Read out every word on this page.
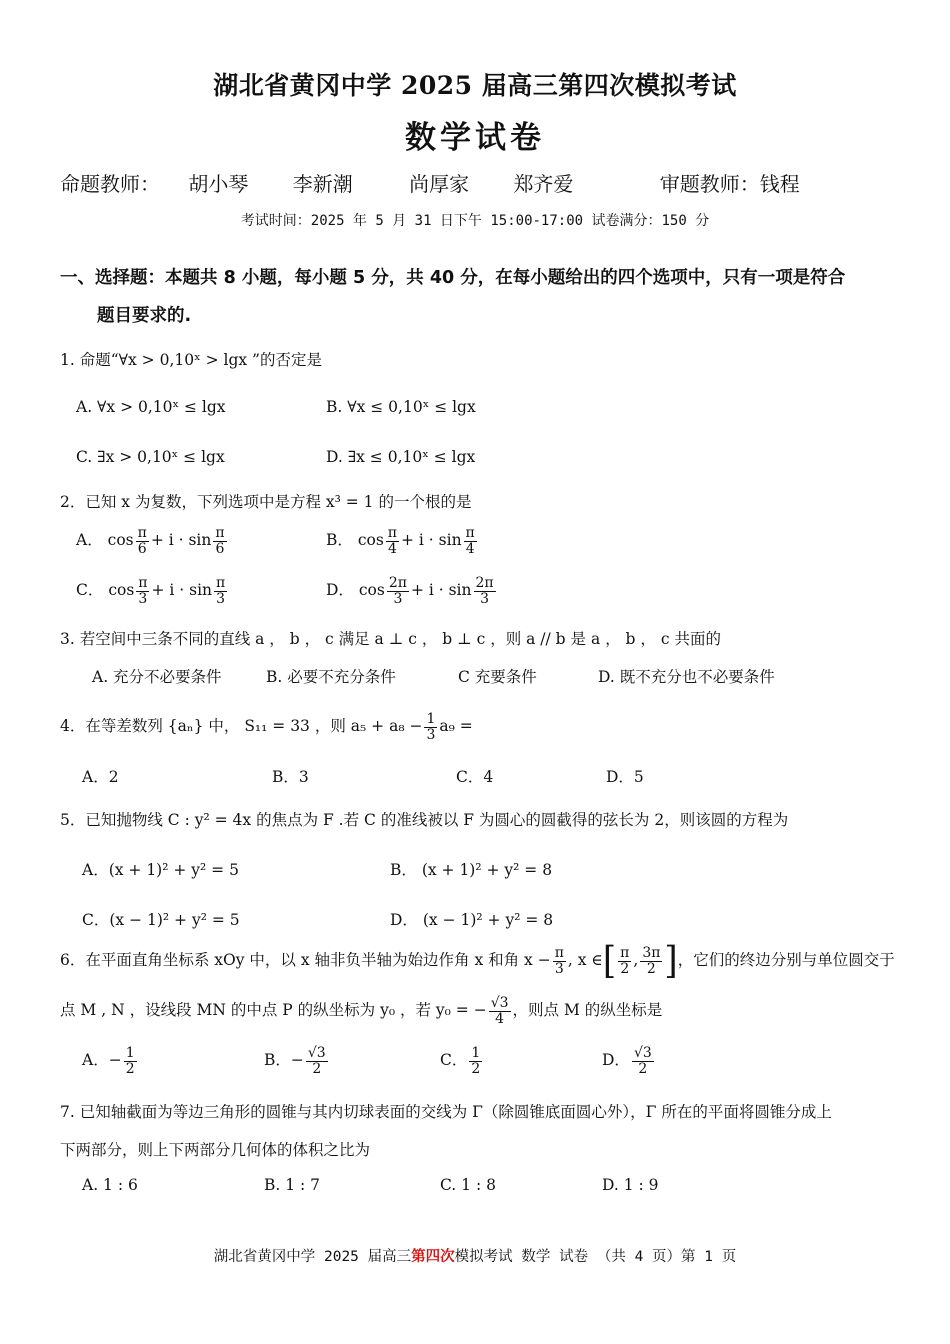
湖北省黄冈中学 2025 届高三第四次模拟考试
数学试卷
命题教师： 胡小琴 李新潮	尚厚家 郑齐爱	审题教师：钱程
考试时间：2025 年 5 月 31 日下午 15:00-17:00 试卷满分：150 分
一、选择题：本题共 8 小题，每小题 5 分，共 40 分，在每小题给出的四个选项中，只有一项是符合
题目要求的.
1. 命题“∀x > 0,10ˣ > lgx ”的否定是
A. ∀x > 0,10ˣ ≤ lgx	B. ∀x ≤ 0,10ˣ ≤ lgx
C. ∃x > 0,10ˣ ≤ lgx	D. ∃x ≤ 0,10ˣ ≤ lgx
2．已知 x 为复数，下列选项中是方程 x³ = 1 的一个根的是
A． $\cos \frac{\pi}{6} + i \cdot \sin \frac{\pi}{6}$	B． $\cos \frac{\pi}{4} + i \cdot \sin \frac{\pi}{4}$
C． $\cos \frac{\pi}{3} + i \cdot \sin \frac{\pi}{3}$	D． $\cos \frac{2\pi}{3} + i \cdot \sin \frac{2\pi}{3}$
3. 若空间中三条不同的直线 a ， b ， c 满足 a ⊥ c ， b ⊥ c ，则 a // b 是 a ， b ， c 共面的
A. 充分不必要条件	B. 必要不充分条件	C 充要条件	D. 既不充分也不必要条件
4．在等差数列 {aₙ} 中， S₁₁ = 33 ，则 $a_5 + a_8 - \frac{1}{3} a_9$ =
A．2	B．3	C．4	D．5
5．已知抛物线 C : y² = 4x 的焦点为 F .若 C 的准线被以 F 为圆心的圆截得的弦长为 2，则该圆的方程为
A．(x + 1)² + y² = 5	B． (x + 1)² + y² = 8
C．(x − 1)² + y² = 5	D． (x − 1)² + y² = 8
6．在平面直角坐标系 xOy 中，以 x 轴非负半轴为始边作角 x 和角 $x - \frac{\pi}{3}$ , x ∈[ $\frac{\pi}{2}$ , $\frac{3\pi}{2}$ ]，它们的终边分别与单位圆交于
点 M , N ，设线段 MN 的中点 P 的纵坐标为 y₀ ，若 y₀ = − $\frac{√3}{4}$ ，则点 M 的纵坐标是
A．− $\frac{1}{2}$	B．− $\frac{√3}{2}$	C． $\frac{1}{2}$	D． $\frac{√3}{2}$
7. 已知轴截面为等边三角形的圆锥与其内切球表面的交线为 Γ（除圆锥底面圆心外），Γ 所在的平面将圆锥分成上
下两部分，则上下两部分几何体的体积之比为
A. 1 : 6	B. 1 : 7	C. 1 : 8	D. 1 : 9
湖北省黄冈中学 2025 届高三第四次模拟考试 数学 试卷 （共 4 页）第 1 页
